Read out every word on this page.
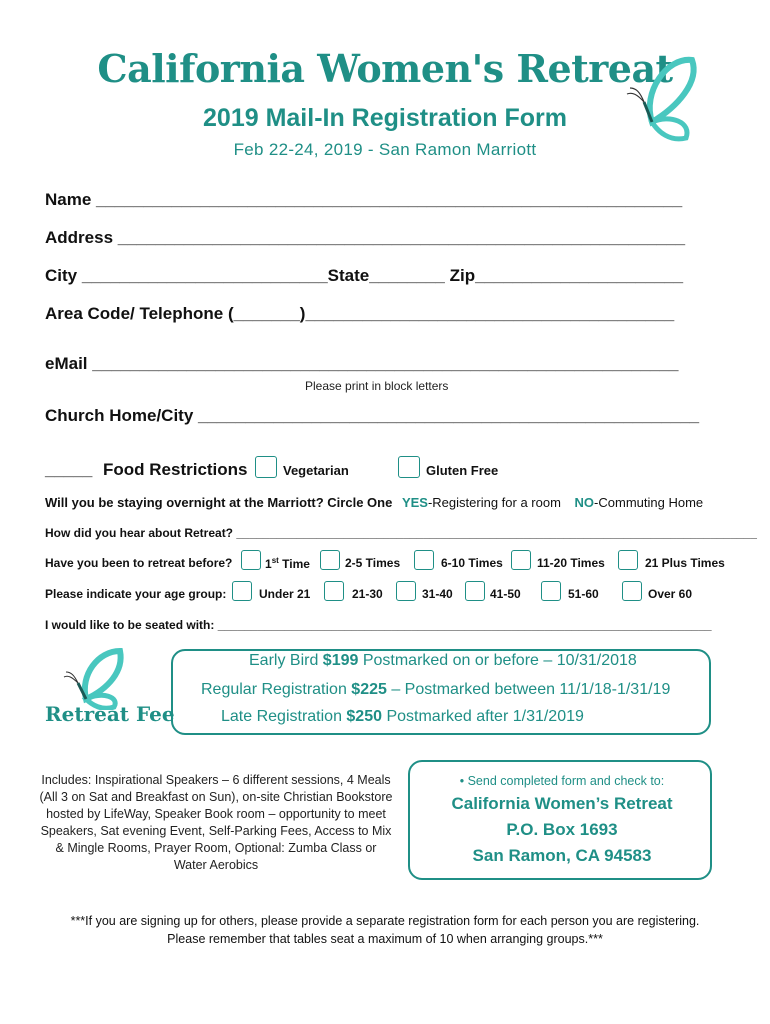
California Women's Retreat
2019 Mail-In Registration Form
Feb 22-24, 2019 - San Ramon Marriott
Name ______________________________________________________________
Address ____________________________________________________________
City __________________________State________ Zip______________________
Area Code/ Telephone (_______)_______________________________________
eMail ______________________________________________________________
Please print in block letters
Church Home/City _____________________________________________________
_____ Food Restrictions	Vegetarian	Gluten Free
Will you be staying overnight at the Marriott? Circle One YES-Registering for a room NO-Commuting Home
How did you hear about Retreat? ______________________________________________________________________________
Have you been to retreat before?	1st Time	2-5 Times	6-10 Times	11-20 Times	21 Plus Times
Please indicate your age group:	Under 21	21-30	31-40	41-50	51-60	Over 60
I would like to be seated with: __________________________________________________________________________
Retreat Fee
Early Bird $199 Postmarked on or before – 10/31/2018
Regular Registration $225 – Postmarked between 11/1/18-1/31/19
Late Registration $250 Postmarked after 1/31/2019
Includes: Inspirational Speakers – 6 different sessions, 4 Meals (All 3 on Sat and Breakfast on Sun), on-site Christian Bookstore hosted by LifeWay, Speaker Book room – opportunity to meet Speakers, Sat evening Event, Self-Parking Fees, Access to Mix & Mingle Rooms, Prayer Room, Optional: Zumba Class or Water Aerobics
• Send completed form and check to:
California Women’s Retreat
P.O. Box 1693
San Ramon, CA 94583
***If you are signing up for others, please provide a separate registration form for each person you are registering.
Please remember that tables seat a maximum of 10 when arranging groups.***
